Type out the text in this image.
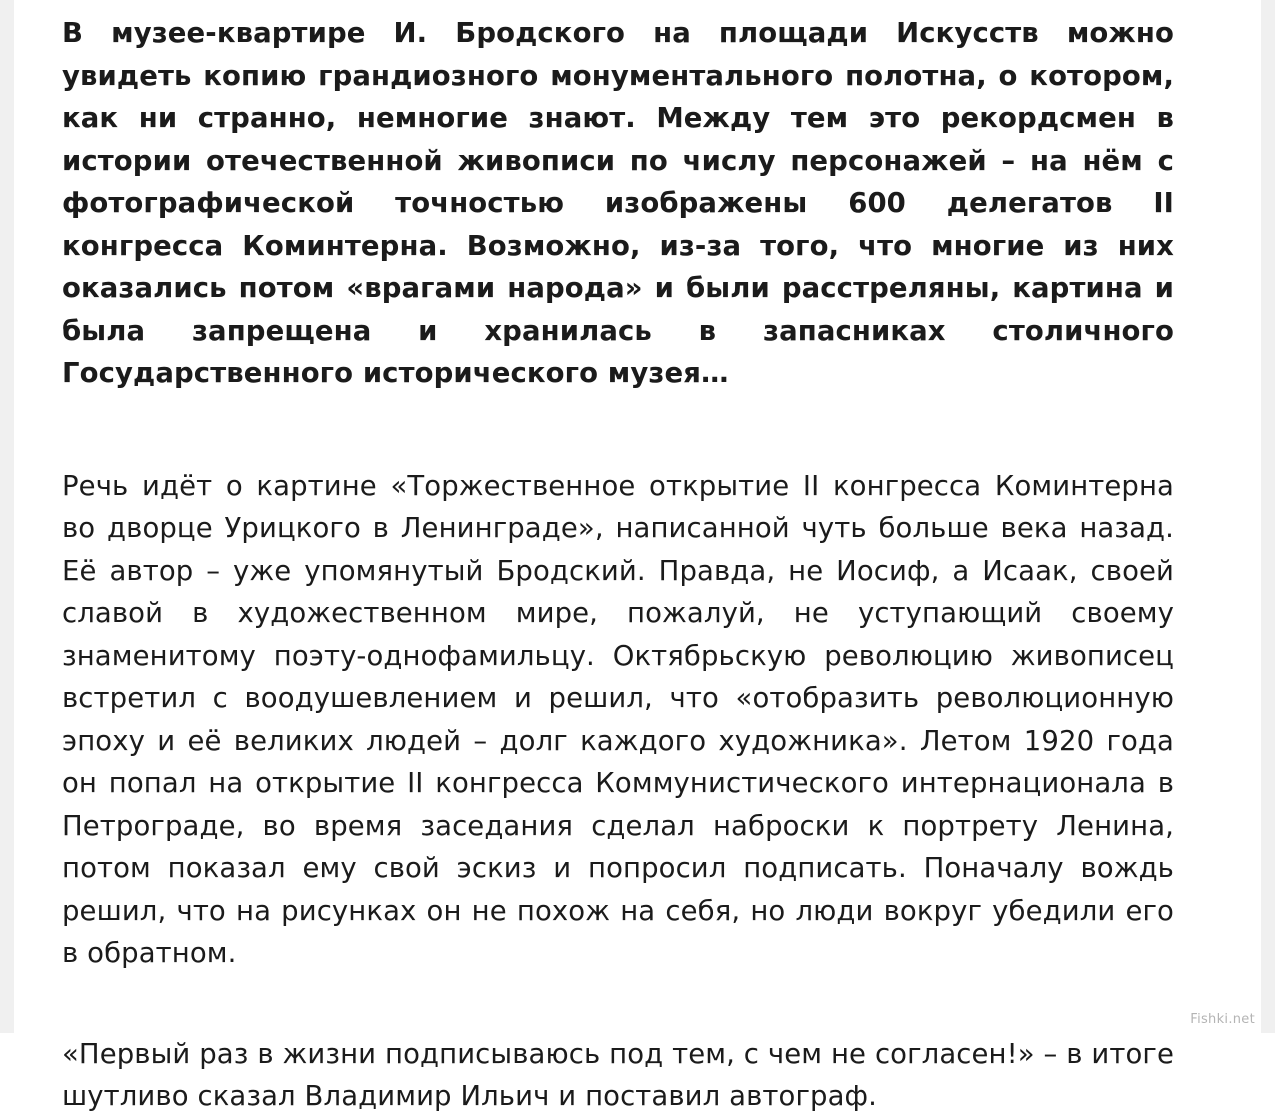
В музее-квартире И. Бродского на площади Искусств можно увидеть копию грандиозного монументального полотна, о котором, как ни странно, немногие знают. Между тем это рекордсмен в истории отечественной живописи по числу персонажей – на нём с фотографической точностью изображены 600 делегатов II конгресса Коминтерна. Возможно, из-за того, что многие из них оказались потом «врагами народа» и были расстреляны, картина и была запрещена и хранилась в запасниках столичного Государственного исторического музея…

Речь идёт о картине «Торжественное открытие II конгресса Коминтерна во дворце Урицкого в Ленинграде», написанной чуть больше века назад. Её автор – уже упомянутый Бродский. Правда, не Иосиф, а Исаак, своей славой в художественном мире, пожалуй, не уступающий своему знаменитому поэту-однофамильцу. Октябрьскую революцию живописец встретил с воодушевлением и решил, что «отобразить революционную эпоху и её великих людей – долг каждого художника». Летом 1920 года он попал на открытие II конгресса Коммунистического интернационала в Петрограде, во время заседания сделал наброски к портрету Ленина, потом показал ему свой эскиз и попросил подписать. Поначалу вождь решил, что на рисунках он не похож на себя, но люди вокруг убедили его в обратном.

«Первый раз в жизни подписываюсь под тем, с чем не согласен!» – в итоге шутливо сказал Владимир Ильич и поставил автограф.

Fishki.net
